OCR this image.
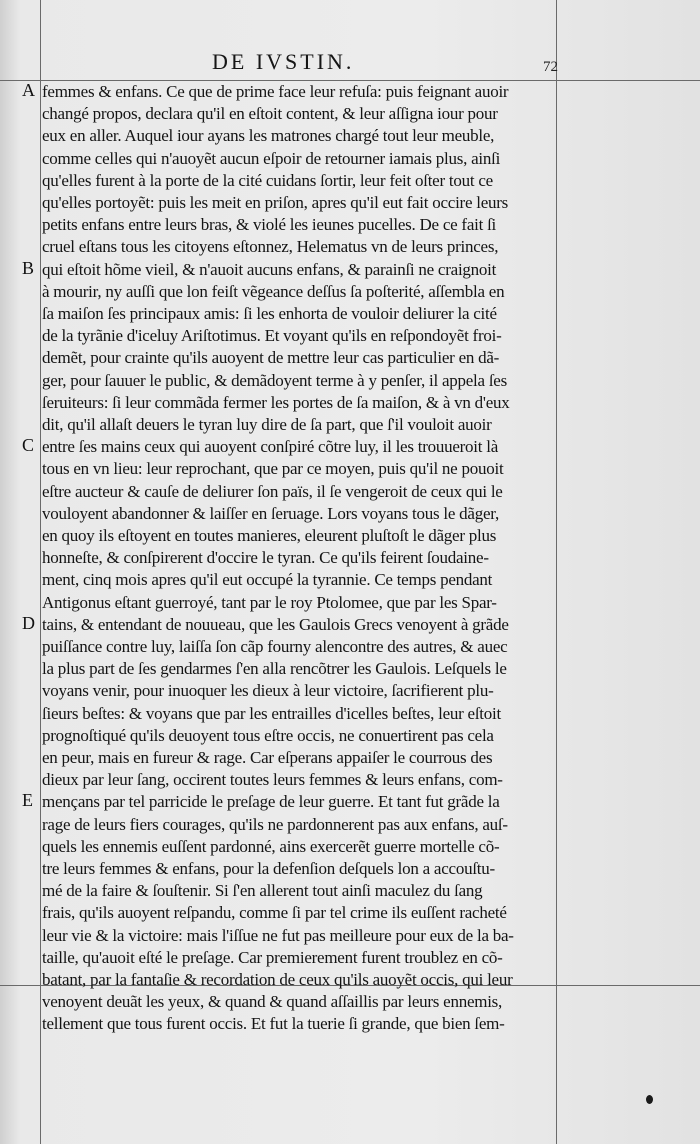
DE IVSTIN.	72
femmes & enfans. Ce que de prime face leur refuſa: puis feignant auoir
changé propos, declara qu'il en eſtoit content, & leur aſſigna iour pour
eux en aller. Auquel iour ayans les matrones chargé tout leur meuble,
comme celles qui n'auoyẽt aucun eſpoir de retourner iamais plus, ainſi
qu'elles furent à la porte de la cité cuidans ſortir, leur feit oſter tout ce
qu'elles portoyẽt: puis les meit en priſon, apres qu'il eut fait occire leurs
petits enfans entre leurs bras, & violé les ieunes pucelles. De ce fait ſi
cruel eſtans tous les citoyens eſtonnez, Helematus vn de leurs princes,
qui eſtoit hõme vieil, & n'auoit aucuns enfans, & parainſi ne craignoit
à mourir, ny auſſi que lon feiſt vẽgeance deſſus ſa poſterité, aſſembla en
ſa maiſon ſes principaux amis: ſi les enhorta de vouloir deliurer la cité
de la tyrãnie d'iceluy Ariſtotimus. Et voyant qu'ils en reſpondoyẽt froi-
demẽt, pour crainte qu'ils auoyent de mettre leur cas particulier en dã-
ger, pour ſauuer le public, & demãdoyent terme à y penſer, il appela ſes
ſeruiteurs: ſi leur commãda fermer les portes de ſa maiſon, & à vn d'eux
dit, qu'il allaſt deuers le tyran luy dire de ſa part, que ſ'il vouloit auoir
entre ſes mains ceux qui auoyent conſpiré cõtre luy, il les trouueroit là
tous en vn lieu: leur reprochant, que par ce moyen, puis qu'il ne pouoit
eſtre aucteur & cauſe de deliurer ſon païs, il ſe vengeroit de ceux qui le
vouloyent abandonner & laiſſer en ſeruage. Lors voyans tous le dãger,
en quoy ils eſtoyent en toutes manieres, eleurent pluſtoſt le dãger plus
honneſte, & conſpirerent d'occire le tyran. Ce qu'ils feirent ſoudaine-
ment, cinq mois apres qu'il eut occupé la tyrannie. Ce temps pendant
Antigonus eſtant guerroyé, tant par le roy Ptolomee, que par les Spar-
tains, & entendant de nouueau, que les Gaulois Grecs venoyent à grãde
puiſſance contre luy, laiſſa ſon cãp fourny alencontre des autres, & auec
la plus part de ſes gendarmes ſ'en alla rencõtrer les Gaulois. Leſquels le
voyans venir, pour inuoquer les dieux à leur victoire, ſacrifierent plu-
ſieurs beſtes: & voyans que par les entrailles d'icelles beſtes, leur eſtoit
prognoſtiqué qu'ils deuoyent tous eſtre occis, ne conuertirent pas cela
en peur, mais en fureur & rage. Car eſperans appaiſer le courrous des
dieux par leur ſang, occirent toutes leurs femmes & leurs enfans, com-
mençans par tel parricide le preſage de leur guerre. Et tant fut grãde la
rage de leurs fiers courages, qu'ils ne pardonnerent pas aux enfans, auſ-
quels les ennemis euſſent pardonné, ains exercerẽt guerre mortelle cõ-
tre leurs femmes & enfans, pour la defenſion deſquels lon a accouſtu-
mé de la faire & ſouſtenir. Si ſ'en allerent tout ainſi maculez du ſang
frais, qu'ils auoyent reſpandu, comme ſi par tel crime ils euſſent racheté
leur vie & la victoire: mais l'iſſue ne fut pas meilleure pour eux de la ba-
taille, qu'auoit eſté le preſage. Car premierement furent troublez en cõ-
batant, par la fantaſie & recordation de ceux qu'ils auoyẽt occis, qui leur
venoyent deuãt les yeux, & quand & quand aſſaillis par leurs ennemis,
tellement que tous furent occis. Et fut la tuerie ſi grande, que bien ſem-
A
B
C
D
E
